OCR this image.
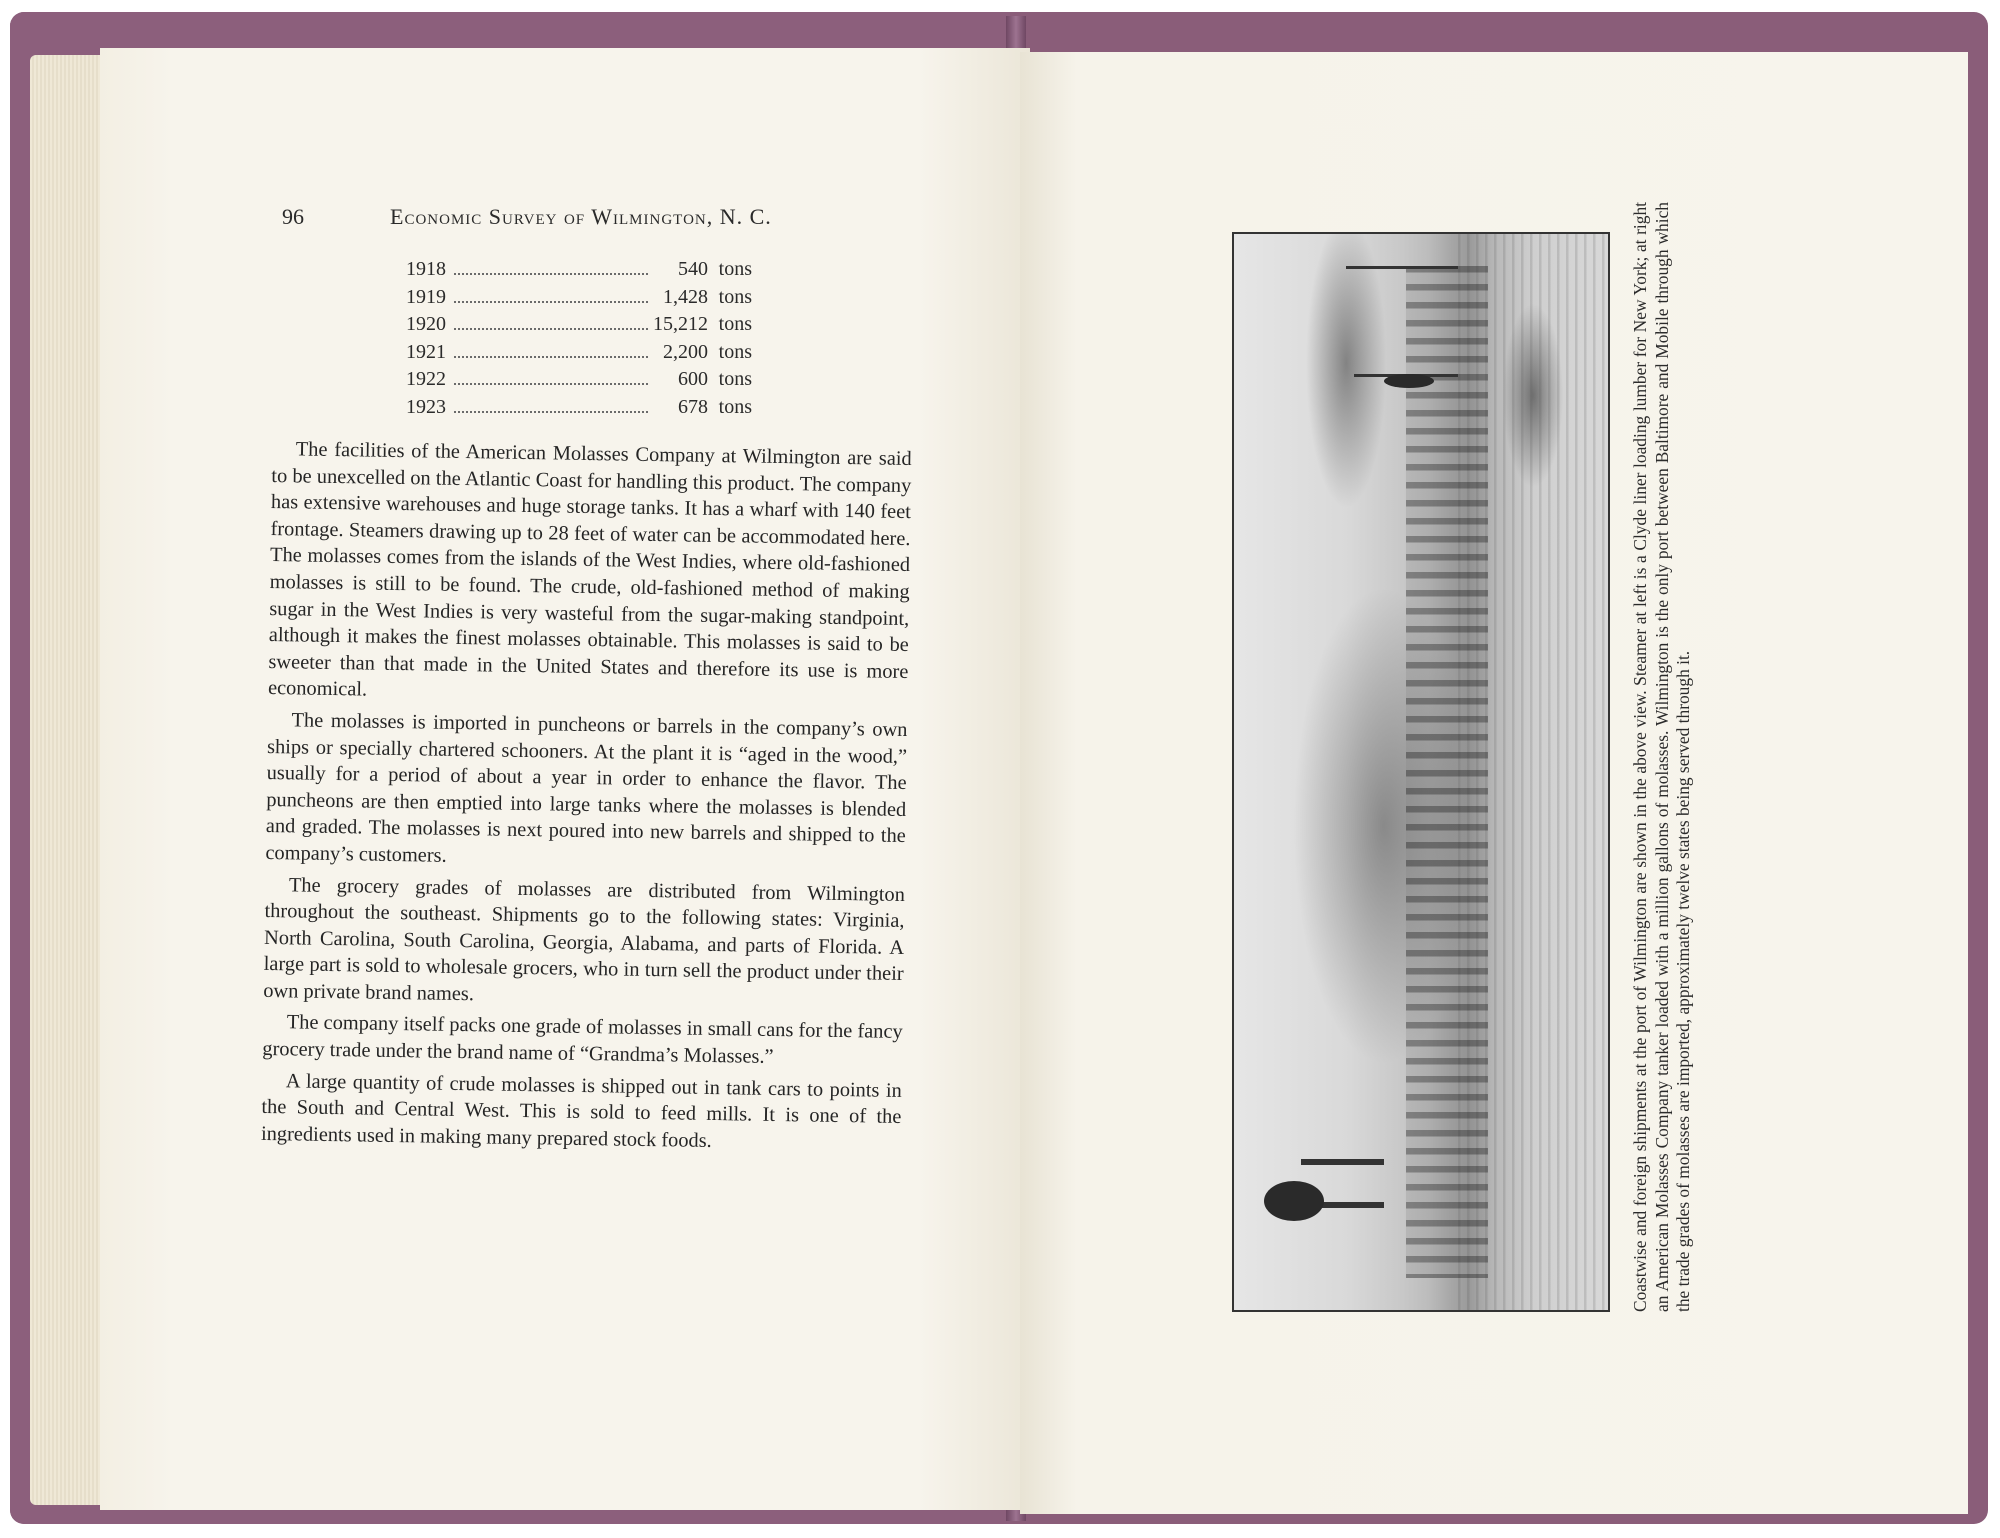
96	Economic Survey of Wilmington, N. C.
1918	540 tons
1919	1,428 tons
1920	15,212 tons
1921	2,200 tons
1922	600 tons
1923	678 tons

The facilities of the American Molasses Company at Wilmington are said to be unexcelled on the Atlantic Coast for handling this product. The company has extensive warehouses and huge storage tanks. It has a wharf with 140 feet frontage. Steamers drawing up to 28 feet of water can be accommodated here. The molasses comes from the islands of the West Indies, where old-fashioned molasses is still to be found. The crude, old-fashioned method of making sugar in the West Indies is very wasteful from the sugar-making standpoint, although it makes the finest molasses obtainable. This molasses is said to be sweeter than that made in the United States and therefore its use is more economical.

The molasses is imported in puncheons or barrels in the company’s own ships or specially chartered schooners. At the plant it is “aged in the wood,” usually for a period of about a year in order to enhance the flavor. The puncheons are then emptied into large tanks where the molasses is blended and graded. The molasses is next poured into new barrels and shipped to the company’s customers.

The grocery grades of molasses are distributed from Wilmington throughout the southeast. Shipments go to the following states: Virginia, North Carolina, South Carolina, Georgia, Alabama, and parts of Florida. A large part is sold to wholesale grocers, who in turn sell the product under their own private brand names.

The company itself packs one grade of molasses in small cans for the fancy grocery trade under the brand name of “Grandma’s Molasses.”

A large quantity of crude molasses is shipped out in tank cars to points in the South and Central West. This is sold to feed mills. It is one of the ingredients used in making many prepared stock foods.	Coastwise and foreign shipments at the port of Wilmington are shown in the above view. Steamer at left is a Clyde liner loading lumber for New York; at right an American Molasses Company tanker loaded with a million gallons of molasses. Wilmington is the only port between Baltimore and Mobile through which the trade grades of molasses are imported, approximately twelve states being served through it.
